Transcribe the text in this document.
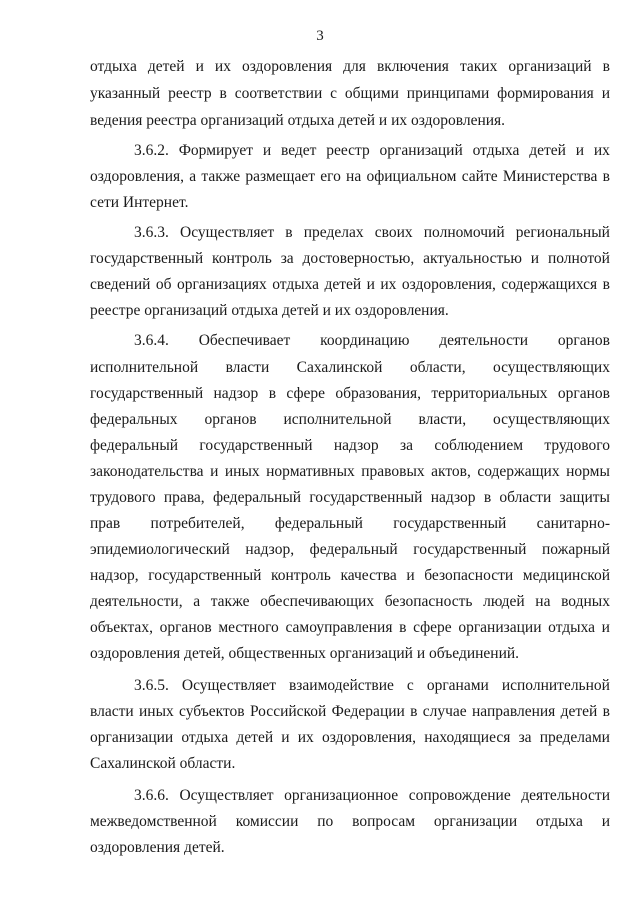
3
отдыха детей и их оздоровления для включения таких организаций в
указанный реестр в соответствии с общими принципами формирования и
ведения реестра организаций отдыха детей и их оздоровления.
3.6.2. Формирует и ведет реестр организаций отдыха детей и их
оздоровления, а также размещает его на официальном сайте Министерства в
сети Интернет.
3.6.3. Осуществляет в пределах своих полномочий региональный
государственный контроль за достоверностью, актуальностью и полнотой
сведений об организациях отдыха детей и их оздоровления, содержащихся в
реестре организаций отдыха детей и их оздоровления.
3.6.4. Обеспечивает координацию деятельности органов
исполнительной власти Сахалинской области, осуществляющих
государственный надзор в сфере образования, территориальных органов
федеральных органов исполнительной власти, осуществляющих
федеральный государственный надзор за соблюдением трудового
законодательства и иных нормативных правовых актов, содержащих нормы
трудового права, федеральный государственный надзор в области защиты
прав потребителей, федеральный государственный санитарно-
эпидемиологический надзор, федеральный государственный пожарный
надзор, государственный контроль качества и безопасности медицинской
деятельности, а также обеспечивающих безопасность людей на водных
объектах, органов местного самоуправления в сфере организации отдыха и
оздоровления детей, общественных организаций и объединений.
3.6.5. Осуществляет взаимодействие с органами исполнительной
власти иных субъектов Российской Федерации в случае направления детей в
организации отдыха детей и их оздоровления, находящиеся за пределами
Сахалинской области.
3.6.6. Осуществляет организационное сопровождение деятельности
межведомственной комиссии по вопросам организации отдыха и
оздоровления детей.
